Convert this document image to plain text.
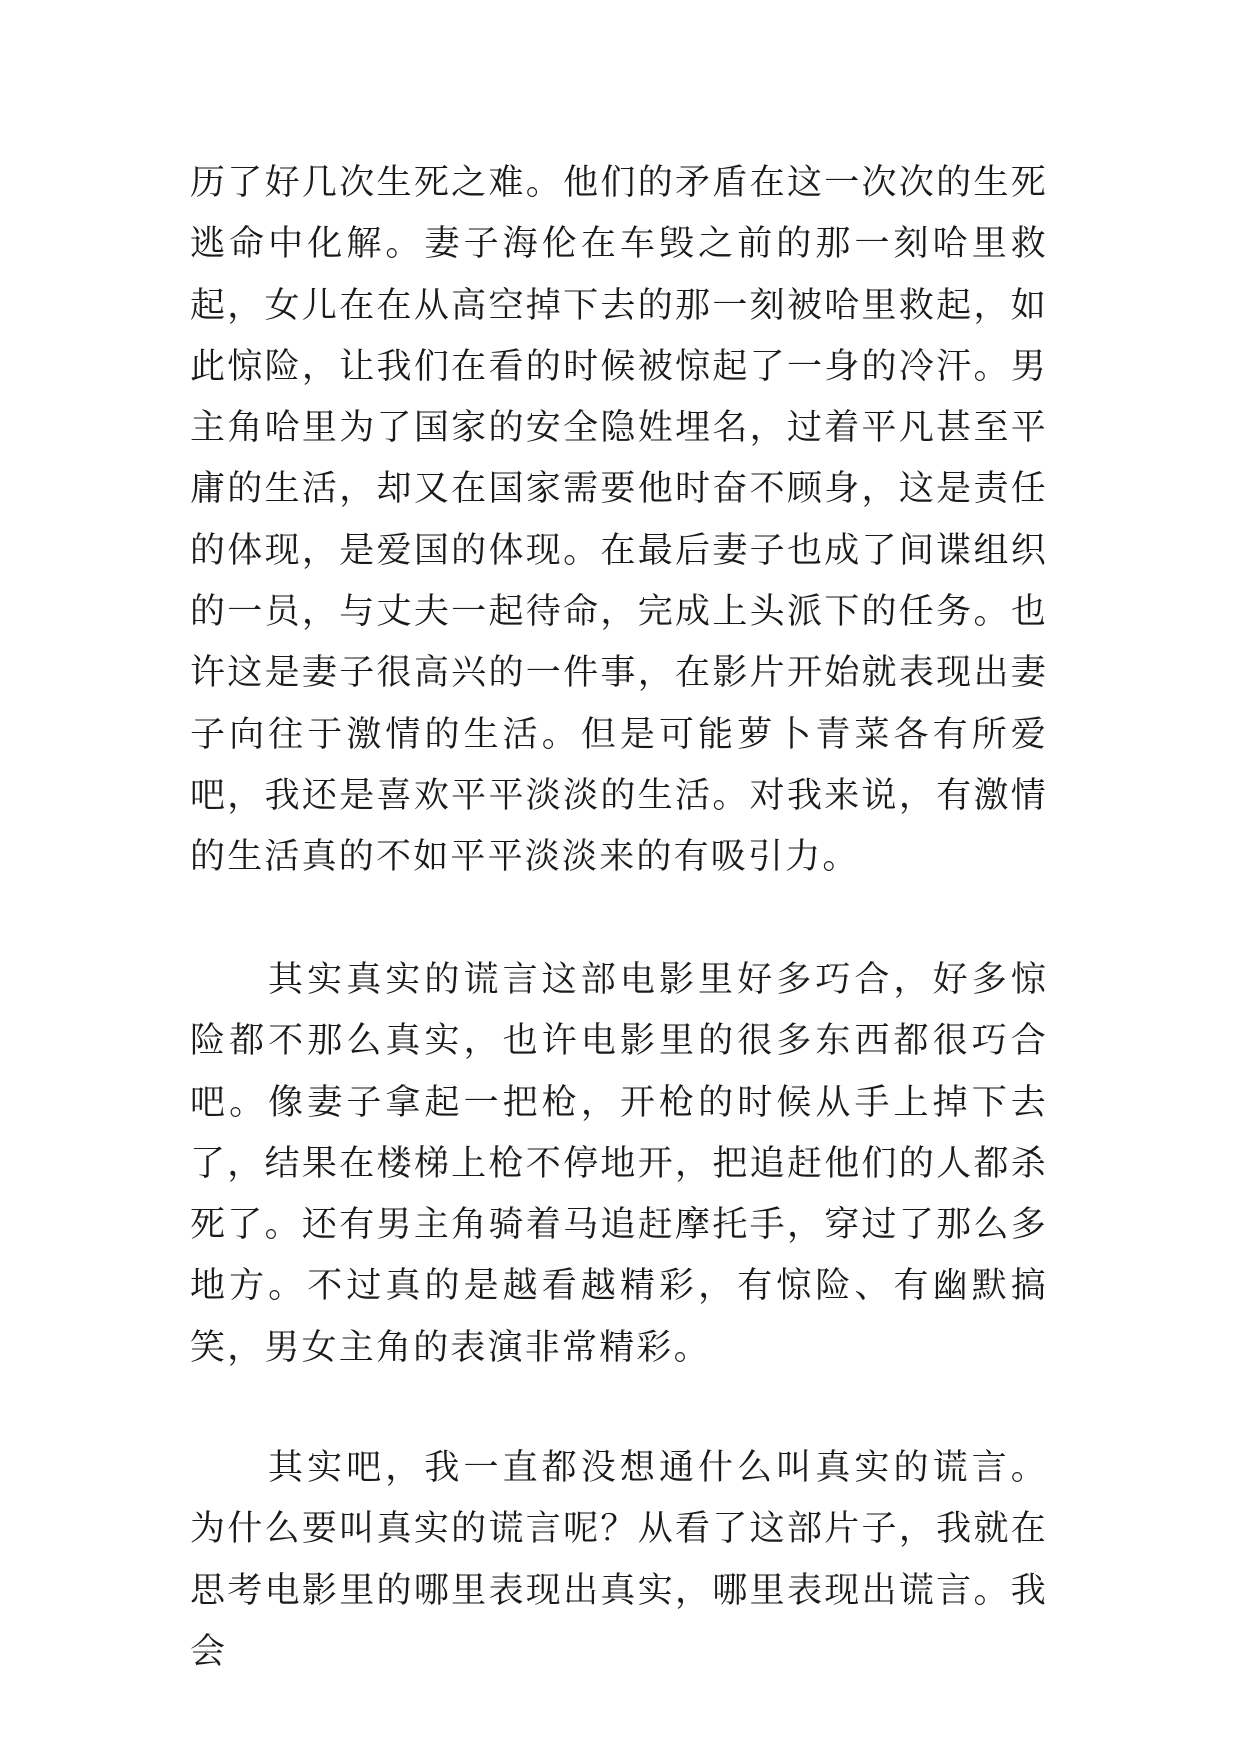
历了好几次生死之难。他们的矛盾在这一次次的生死逃命中化解。妻子海伦在车毁之前的那一刻哈里救起，女儿在在从高空掉下去的那一刻被哈里救起，如此惊险，让我们在看的时候被惊起了一身的冷汗。男主角哈里为了国家的安全隐姓埋名，过着平凡甚至平庸的生活，却又在国家需要他时奋不顾身，这是责任的体现，是爱国的体现。在最后妻子也成了间谍组织的一员，与丈夫一起待命，完成上头派下的任务。也许这是妻子很高兴的一件事，在影片开始就表现出妻子向往于激情的生活。但是可能萝卜青菜各有所爱吧，我还是喜欢平平淡淡的生活。对我来说，有激情的生活真的不如平平淡淡来的有吸引力。

其实真实的谎言这部电影里好多巧合，好多惊险都不那么真实，也许电影里的很多东西都很巧合吧。像妻子拿起一把枪，开枪的时候从手上掉下去了，结果在楼梯上枪不停地开，把追赶他们的人都杀死了。还有男主角骑着马追赶摩托手，穿过了那么多地方。不过真的是越看越精彩，有惊险、有幽默搞笑，男女主角的表演非常精彩。

其实吧，我一直都没想通什么叫真实的谎言。为什么要叫真实的谎言呢？从看了这部片子，我就在思考电影里的哪里表现出真实，哪里表现出谎言。我会
